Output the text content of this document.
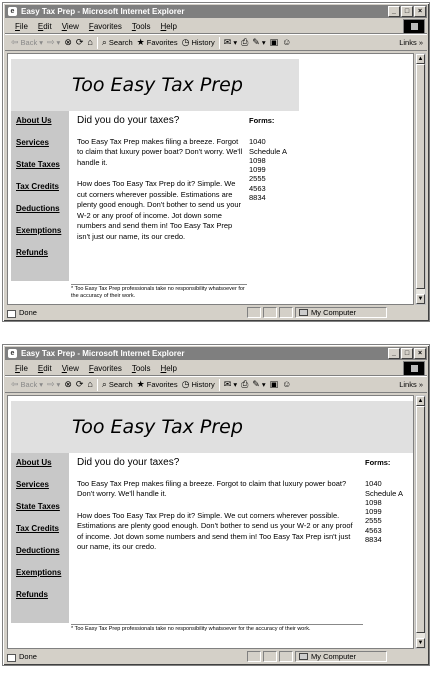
e Easy Tax Prep - Microsoft Internet Explorer	_	□	×
File Edit View Favorites Tools Help
⇦ Back ▾ ⇨ ▾ ⊗ ⟳ ⌂ ⌕ Search ★ Favorites ◷ History ✉ ▾ ⎙ ✎ ▾ ▣ ☺	Links »
Too Easy Tax Prep
About Us
Services
State Taxes
Tax Credits
Deductions
Exemptions
Refunds
Did you do your taxes?

Too Easy Tax Prep makes filing a breeze. Forgot to claim that luxury power boat? Don't worry. We'll handle it.

How does Too Easy Tax Prep do it? Simple. We cut corners wherever possible. Estimations are plenty good enough. Don't bother to send us your W-2 or any proof of income. Jot down some numbers and send them in! Too Easy Tax Prep isn't just our name, its our credo.

Forms:
1040
Schedule A
1098
1099
2555
4563
8834
* Too Easy Tax Prep professionals take no responsibility whatsoever for the accuracy of their work.
▲
▼
Done	My Computer
e Easy Tax Prep - Microsoft Internet Explorer	_	□	×
File Edit View Favorites Tools Help
⇦ Back ▾ ⇨ ▾ ⊗ ⟳ ⌂ ⌕ Search ★ Favorites ◷ History ✉ ▾ ⎙ ✎ ▾ ▣ ☺	Links »
Too Easy Tax Prep
About Us
Services
State Taxes
Tax Credits
Deductions
Exemptions
Refunds
Did you do your taxes?

Too Easy Tax Prep makes filing a breeze. Forgot to claim that luxury power boat? Don't worry. We'll handle it.

How does Too Easy Tax Prep do it? Simple. We cut corners wherever possible. Estimations are plenty good enough. Don't bother to send us your W-2 or any proof of income. Jot down some numbers and send them in! Too Easy Tax Prep isn't just our name, its our credo.

Forms:
1040
Schedule A
1098
1099
2555
4563
8834
* Too Easy Tax Prep professionals take no responsibility whatsoever for the accuracy of their work.
▲
▼
Done	My Computer
